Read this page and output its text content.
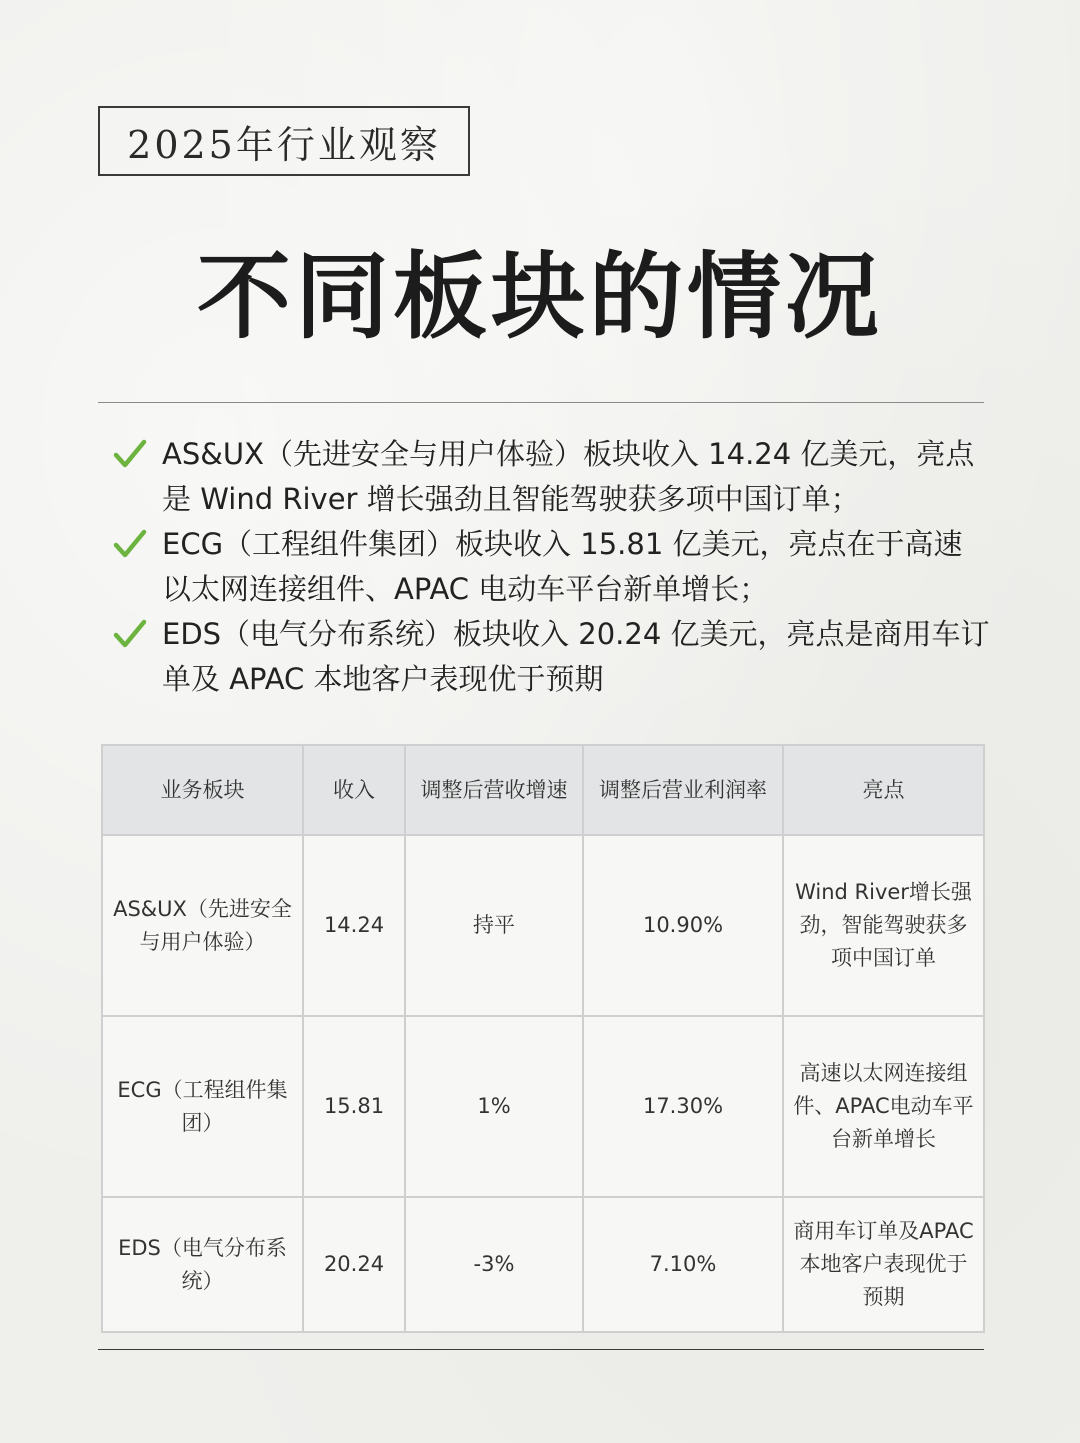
2025年行业观察
不同板块的情况
AS&UX（先进安全与用户体验）板块收入 14.24 亿美元，亮点是 Wind River 增长强劲且智能驾驶获多项中国订单；
ECG（工程组件集团）板块收入 15.81 亿美元，亮点在于高速以太网连接组件、APAC 电动车平台新单增长；
EDS（电气分布系统）板块收入 20.24 亿美元，亮点是商用车订单及 APAC 本地客户表现优于预期
业务板块	收入	调整后营收增速	调整后营业利润率	亮点
AS&UX（先进安全与用户体验）	14.24	持平	10.90%	Wind River增长强劲，智能驾驶获多项中国订单
ECG（工程组件集团）	15.81	1%	17.30%	高速以太网连接组件、APAC电动车平台新单增长
EDS（电气分布系统）	20.24	-3%	7.10%	商用车订单及APAC本地客户表现优于预期
